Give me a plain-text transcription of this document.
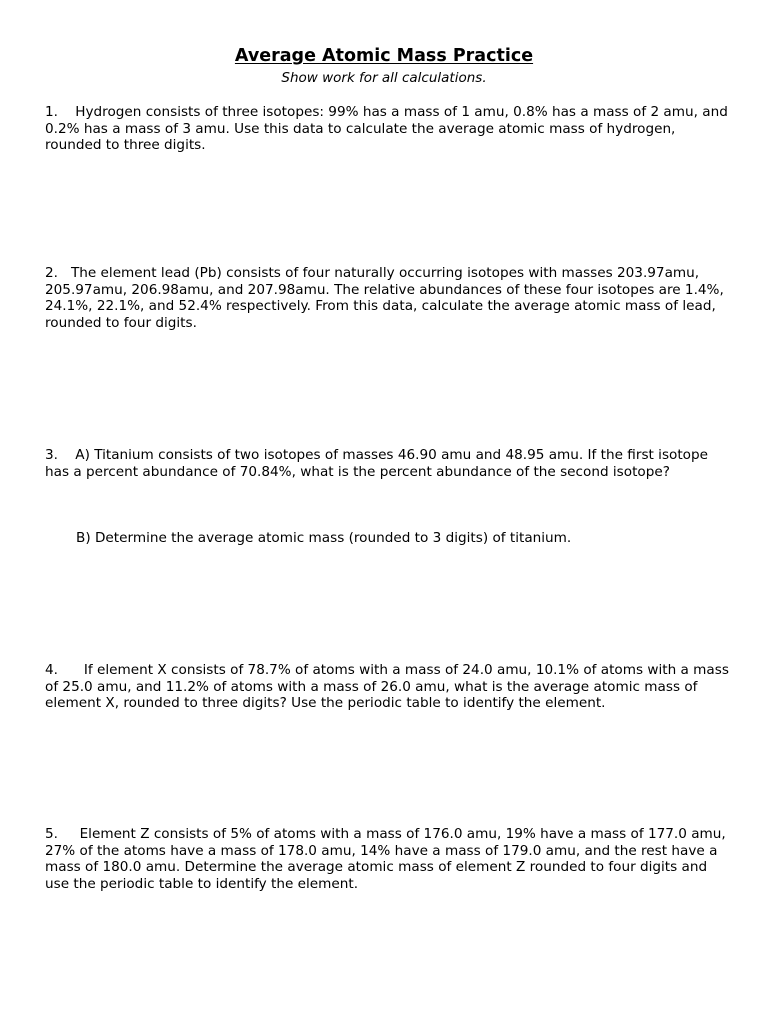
Average Atomic Mass Practice

Show work for all calculations.

1. Hydrogen consists of three isotopes: 99% has a mass of 1 amu, 0.8% has a mass of 2 amu, and 0.2% has a mass of 3 amu. Use this data to calculate the average atomic mass of hydrogen, rounded to three digits.

2. The element lead (Pb) consists of four naturally occurring isotopes with masses 203.97amu, 205.97amu, 206.98amu, and 207.98amu. The relative abundances of these four isotopes are 1.4%, 24.1%, 22.1%, and 52.4% respectively. From this data, calculate the average atomic mass of lead, rounded to four digits.

3. A) Titanium consists of two isotopes of masses 46.90 amu and 48.95 amu. If the first isotope has a percent abundance of 70.84%, what is the percent abundance of the second isotope?

B) Determine the average atomic mass (rounded to 3 digits) of titanium.

4. If element X consists of 78.7% of atoms with a mass of 24.0 amu, 10.1% of atoms with a mass of 25.0 amu, and 11.2% of atoms with a mass of 26.0 amu, what is the average atomic mass of element X, rounded to three digits? Use the periodic table to identify the element.

5. Element Z consists of 5% of atoms with a mass of 176.0 amu, 19% have a mass of 177.0 amu, 27% of the atoms have a mass of 178.0 amu, 14% have a mass of 179.0 amu, and the rest have a mass of 180.0 amu. Determine the average atomic mass of element Z rounded to four digits and use the periodic table to identify the element.
